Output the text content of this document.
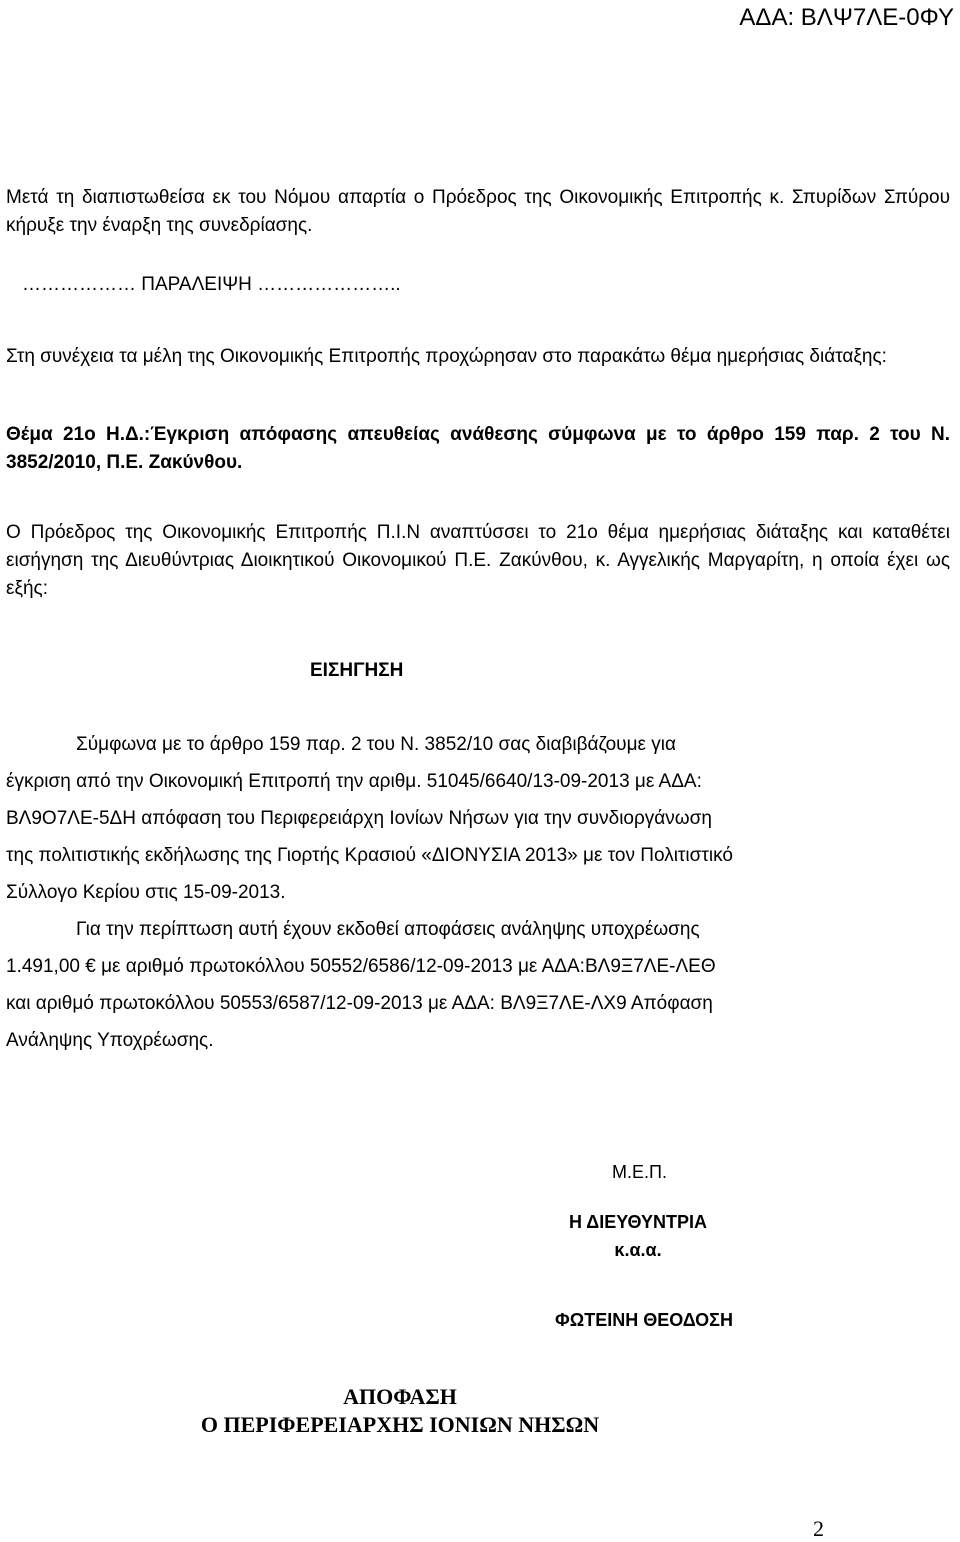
ΑΔΑ: ΒΛΨ7ΛΕ-0ΦΥ
Μετά τη διαπιστωθείσα εκ του Νόμου απαρτία ο Πρόεδρος της Οικονομικής Επιτροπής κ. Σπυρίδων Σπύρου κήρυξε την έναρξη της συνεδρίασης.
……………… ΠΑΡΑΛΕΙΨΗ …………………..
Στη συνέχεια τα μέλη της Οικονομικής Επιτροπής προχώρησαν στο παρακάτω θέμα ημερήσιας διάταξης:
Θέμα 21ο Η.Δ.:Έγκριση απόφασης απευθείας ανάθεσης σύμφωνα με το άρθρο 159 παρ. 2 του Ν. 3852/2010, Π.Ε. Ζακύνθου.
Ο Πρόεδρος της Οικονομικής Επιτροπής Π.Ι.Ν αναπτύσσει το 21ο θέμα ημερήσιας διάταξης και καταθέτει εισήγηση της Διευθύντριας Διοικητικού Οικονομικού Π.Ε. Ζακύνθου, κ. Αγγελικής Μαργαρίτη, η οποία έχει ως εξής:
ΕΙΣΗΓΗΣΗ
Σύμφωνα με το άρθρο 159 παρ. 2 του Ν. 3852/10 σας διαβιβάζουμε για
έγκριση από την Οικονομική Επιτροπή την αριθμ. 51045/6640/13-09-2013 με ΑΔΑ:
ΒΛ9Ο7ΛΕ-5ΔΗ απόφαση του Περιφερειάρχη Ιονίων Νήσων για την συνδιοργάνωση
της πολιτιστικής εκδήλωσης της Γιορτής Κρασιού «ΔΙΟΝΥΣΙΑ 2013» με τον Πολιτιστικό
Σύλλογο Κερίου στις 15-09-2013.
Για την περίπτωση αυτή έχουν εκδοθεί αποφάσεις ανάληψης υποχρέωσης
1.491,00 € με αριθμό πρωτοκόλλου 50552/6586/12-09-2013 με ΑΔΑ:ΒΛ9Ξ7ΛΕ-ΛΕΘ
και αριθμό πρωτοκόλλου 50553/6587/12-09-2013 με ΑΔΑ: ΒΛ9Ξ7ΛΕ-ΛΧ9 Απόφαση
Ανάληψης Υποχρέωσης.
Μ.Ε.Π.
Η ΔΙΕΥΘΥΝΤΡΙΑ
κ.α.α.
ΦΩΤΕΙΝΗ ΘΕΟΔΟΣΗ
ΑΠΟΦΑΣΗ
Ο ΠΕΡΙΦΕΡΕΙΑΡΧΗΣ ΙΟΝΙΩΝ ΝΗΣΩΝ
2
